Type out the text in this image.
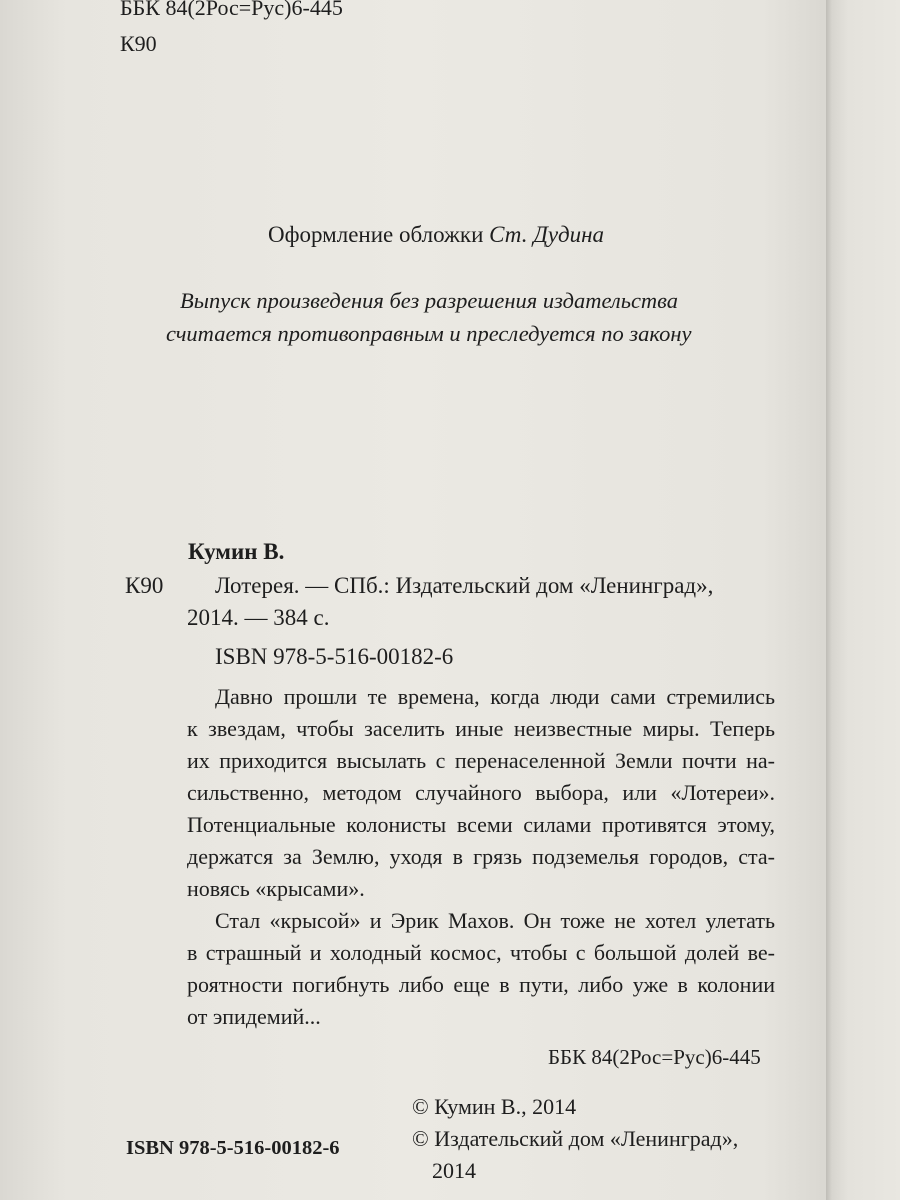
ББК 84(2Рос=Рус)6-445
К90
Оформление обложки Ст. Дудина
Выпуск произведения без разрешения издательства
считается противоправным и преследуется по закону
Кумин В.
К90 Лотерея. — СПб.: Издательский дом «Ленинград»,
2014. — 384 с.
ISBN 978-5-516-00182-6
Давно прошли те времена, когда люди сами стремились
к звездам, чтобы заселить иные неизвестные миры. Теперь
их приходится высылать с перенаселенной Земли почти на-
сильственно, методом случайного выбора, или «Лотереи».
Потенциальные колонисты всеми силами противятся этому,
держатся за Землю, уходя в грязь подземелья городов, ста-
новясь «крысами».
Стал «крысой» и Эрик Махов. Он тоже не хотел улетать
в страшный и холодный космос, чтобы с большой долей ве-
роятности погибнуть либо еще в пути, либо уже в колонии
от эпидемий...
ББК 84(2Рос=Рус)6-445
ISBN 978-5-516-00182-6
© Кумин В., 2014
© Издательский дом «Ленинград»,
2014
